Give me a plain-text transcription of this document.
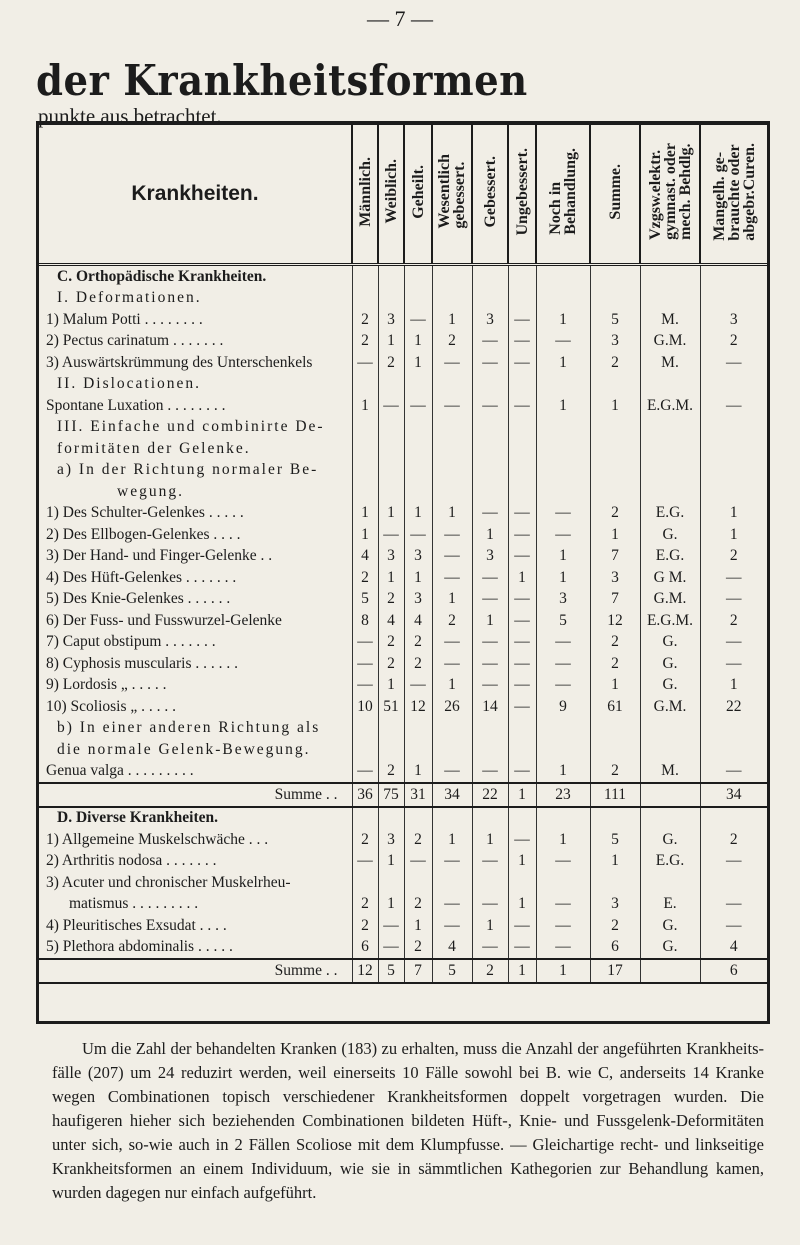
— 7 —
der Krankheitsformen
punkte aus betrachtet.
Krankheiten.	Männlich.	Weiblich.	Geheilt.	Wesentlich
gebessert.	Gebessert.	Ungebessert.	Noch in
Behandlung.	Summe.	Vzgsw.elektr.
gymnast. oder
mech. Behdlg.	Mangelh. ge-
brauchte oder
abgebr.Curen.
C. Orthopädische Krankheiten.										
I. Deformationen.										
1) Malum Potti . . . . . . . .	2	3	—	1	3	—	1	5	M.	3
2) Pectus carinatum . . . . . . .	2	1	1	2	—	—	—	3	G.M.	2
3) Auswärtskrümmung des Unterschenkels	—	2	1	—	—	—	1	2	M.	—
II. Dislocationen.										
Spontane Luxation . . . . . . . .	1	—	—	—	—	—	1	1	E.G.M.	—
III. Einfache und combinirte De-										
formitäten der Gelenke.										
a) In der Richtung normaler Be-										
wegung.										
1) Des Schulter-Gelenkes . . . . .	1	1	1	1	—	—	—	2	E.G.	1
2) Des Ellbogen-Gelenkes . . . .	1	—	—	—	1	—	—	1	G.	1
3) Der Hand- und Finger-Gelenke . .	4	3	3	—	3	—	1	7	E.G.	2
4) Des Hüft-Gelenkes . . . . . . .	2	1	1	—	—	1	1	3	G M.	—
5) Des Knie-Gelenkes . . . . . .	5	2	3	1	—	—	3	7	G.M.	—
6) Der Fuss- und Fusswurzel-Gelenke	8	4	4	2	1	—	5	12	E.G.M.	2
7) Caput obstipum . . . . . . .	—	2	2	—	—	—	—	2	G.	—
8) Cyphosis muscularis . . . . . .	—	2	2	—	—	—	—	2	G.	—
9) Lordosis „ . . . . .	—	1	—	1	—	—	—	1	G.	1
10) Scoliosis „ . . . . .	10	51	12	26	14	—	9	61	G.M.	22
b) In einer anderen Richtung als										
die normale Gelenk-Bewegung.										
Genua valga . . . . . . . . .	—	2	1	—	—	—	1	2	M.	—
Summe . .	36	75	31	34	22	1	23	111		34
D. Diverse Krankheiten.										
1) Allgemeine Muskelschwäche . . .	2	3	2	1	1	—	1	5	G.	2
2) Arthritis nodosa . . . . . . .	—	1	—	—	—	1	—	1	E.G.	—
3) Acuter und chronischer Muskelrheu-										
matismus . . . . . . . . .	2	1	2	—	—	1	—	3	E.	—
4) Pleuritisches Exsudat . . . .	2	—	1	—	1	—	—	2	G.	—
5) Plethora abdominalis . . . . .	6	—	2	4	—	—	—	6	G.	4
Summe . .	12	5	7	5	2	1	1	17		6
Um die Zahl der behandelten Kranken (183) zu erhalten, muss die Anzahl der angeführten Krankheits-fälle (207) um 24 reduzirt werden, weil einerseits 10 Fälle sowohl bei B. wie C, anderseits 14 Kranke wegen Combinationen topisch verschiedener Krankheitsformen doppelt vorgetragen wurden. Die haufigeren hieher sich beziehenden Combinationen bildeten Hüft-, Knie- und Fussgelenk-Deformitäten unter sich, so-wie auch in 2 Fällen Scoliose mit dem Klumpfusse. — Gleichartige recht- und linkseitige Krankheitsformen an einem Individuum, wie sie in sämmtlichen Kathegorien zur Behandlung kamen, wurden dagegen nur einfach aufgeführt.
